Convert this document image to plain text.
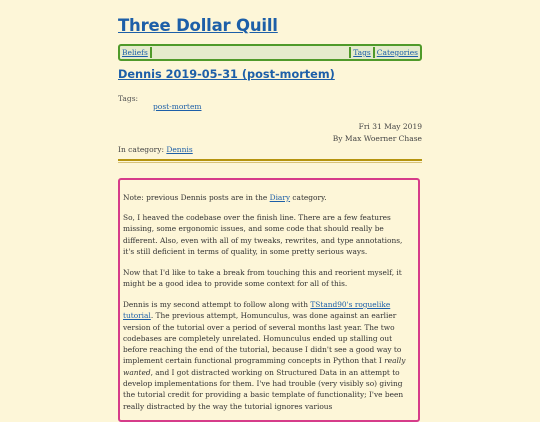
Three Dollar Quill
Beliefs	Tags Categories
Dennis 2019-05-31 (post-mortem)
Tags:
post-mortem
Fri 31 May 2019
By Max Woerner Chase
In category: Dennis

Note: previous Dennis posts are in the Diary category.

So, I heaved the codebase over the finish line. There are a few features missing, some ergonomic issues, and some code that should really be different. Also, even with all of my tweaks, rewrites, and type annotations, it's still deficient in terms of quality, in some pretty serious ways.

Now that I'd like to take a break from touching this and reorient myself, it might be a good idea to provide some context for all of this.

Dennis is my second attempt to follow along with TStand90's roguelike tutorial. The previous attempt, Homunculus, was done against an earlier version of the tutorial over a period of several months last year. The two codebases are completely unrelated. Homunculus ended up stalling out before reaching the end of the tutorial, because I didn't see a good way to implement certain functional programming concepts in Python that I really wanted, and I got distracted working on Structured Data in an attempt to develop implementations for them. I've had trouble (very visibly so) giving the tutorial credit for providing a basic template of functionality; I've been really distracted by the way the tutorial ignores various
